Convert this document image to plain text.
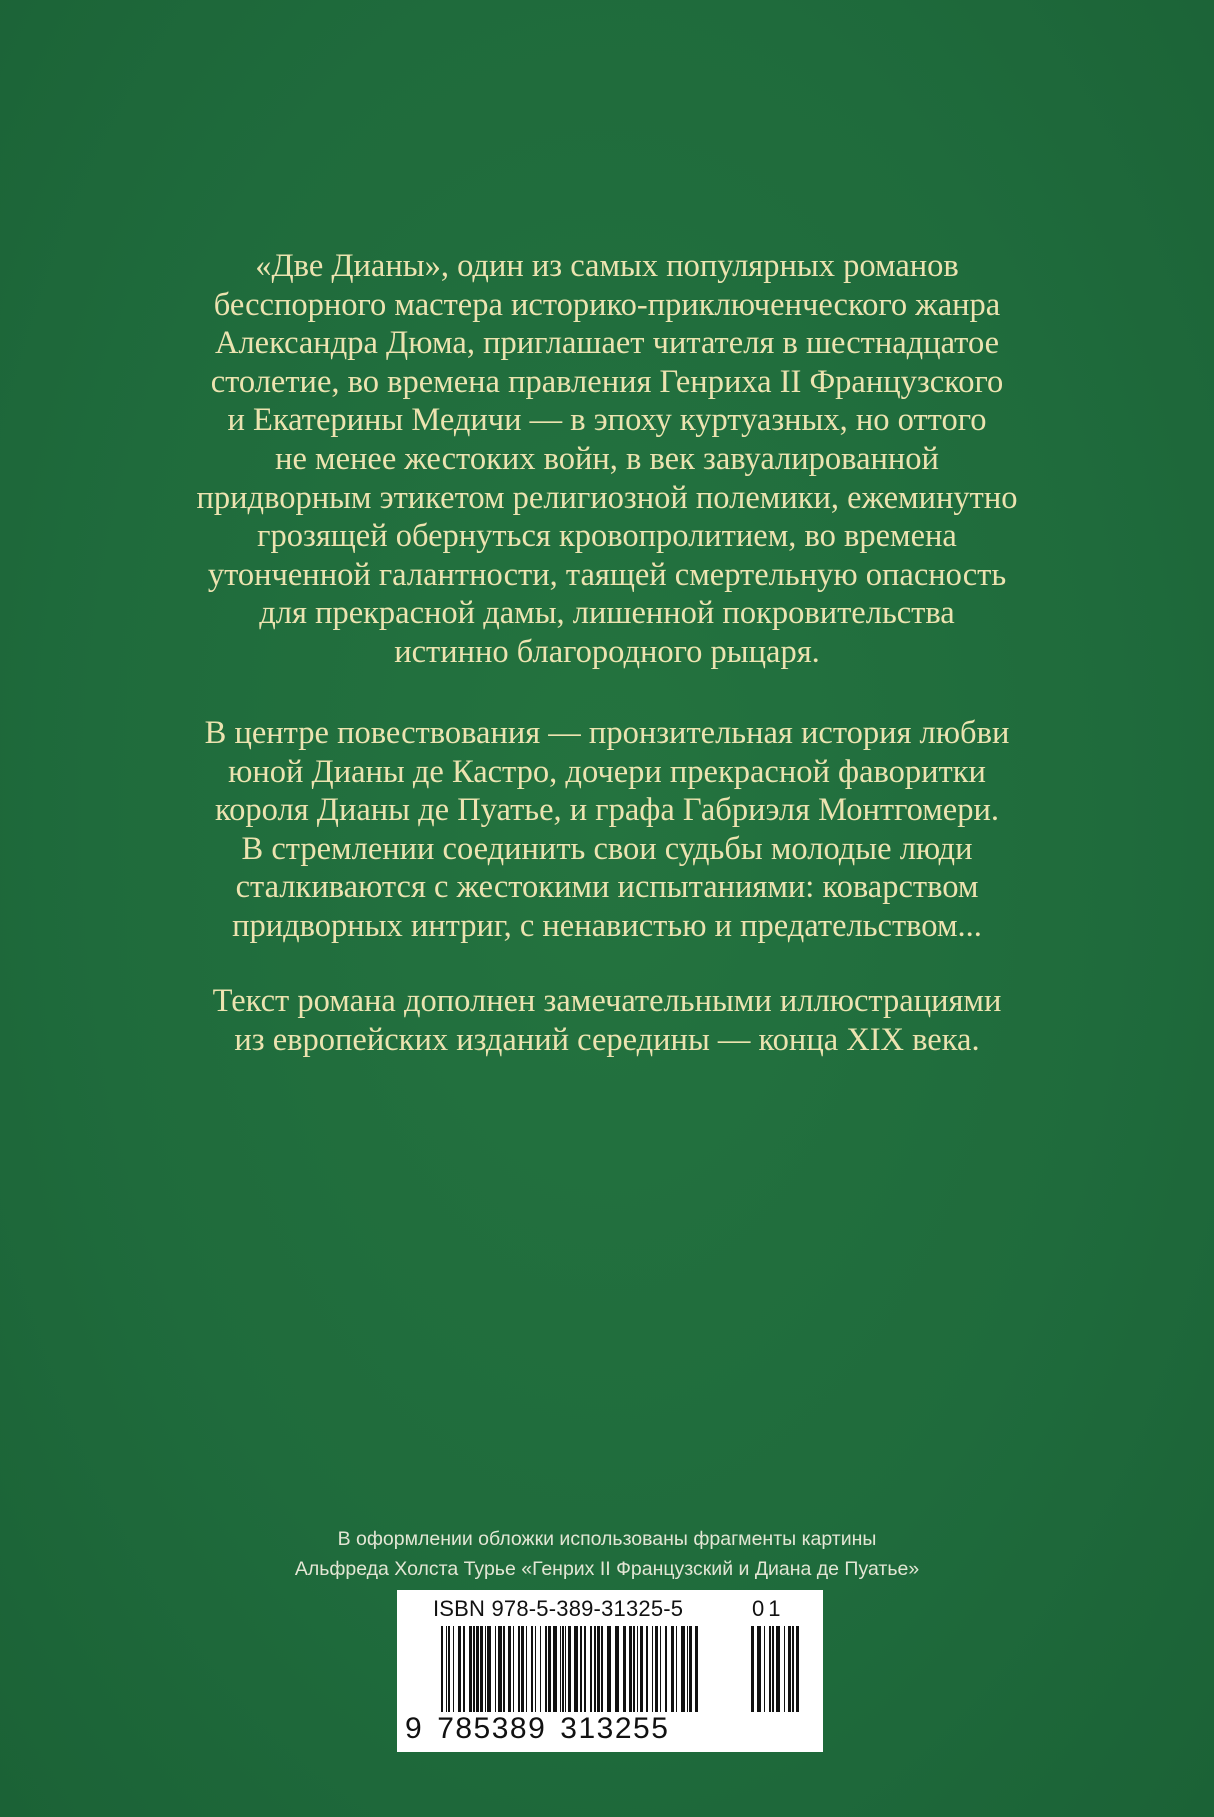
«Две Дианы», один из самых популярных романов

бесспорного мастера историко-приключенческого жанра

Александра Дюма, приглашает читателя в шестнадцатое

столетие, во времена правления Генриха II Французского

и Екатерины Медичи — в эпоху куртуазных, но оттого

не менее жестоких войн, в век завуалированной

придворным этикетом религиозной полемики, ежеминутно

грозящей обернуться кровопролитием, во времена

утонченной галантности, таящей смертельную опасность

для прекрасной дамы, лишенной покровительства

истинно благородного рыцаря.

В центре повествования — пронзительная история любви

юной Дианы де Кастро, дочери прекрасной фаворитки

короля Дианы де Пуатье, и графа Габриэля Монтгомери.

В стремлении соединить свои судьбы молодые люди

сталкиваются с жестокими испытаниями: коварством

придворных интриг, с ненавистью и предательством...

Текст романа дополнен замечательными иллюстрациями

из европейских изданий середины — конца XIX века.

В оформлении обложки использованы фрагменты картины

Альфреда Холста Турье «Генрих II Французский и Диана де Пуатье»

ISBN 978-5-389-31325-5	01
9 785389 313255
